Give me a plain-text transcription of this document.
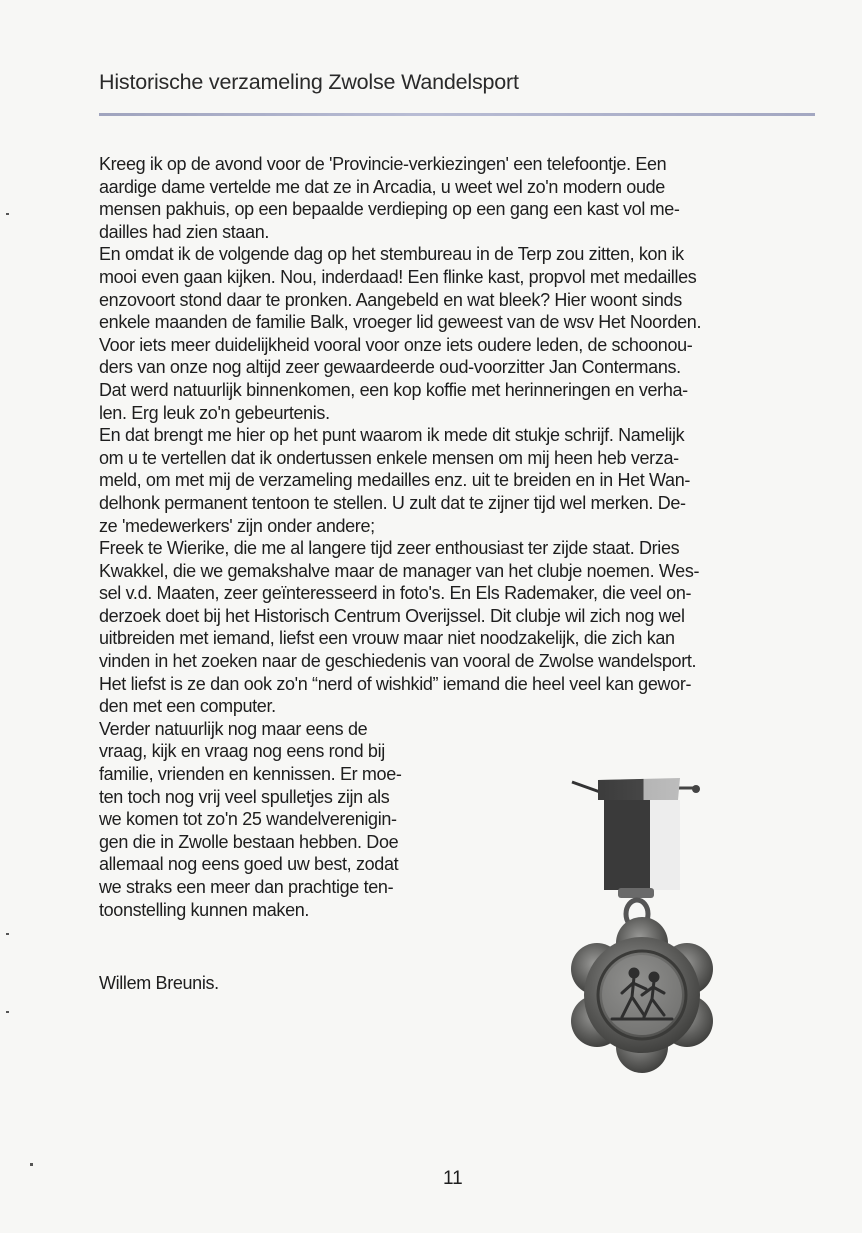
Historische verzameling Zwolse Wandelsport
Kreeg ik op de avond voor de 'Provincie-verkiezingen' een telefoontje. Een
aardige dame vertelde me dat ze in Arcadia, u weet wel zo'n modern oude
mensen pakhuis, op een bepaalde verdieping op een gang een kast vol me-
dailles had zien staan.
En omdat ik de volgende dag op het stembureau in de Terp zou zitten, kon ik
mooi even gaan kijken. Nou, inderdaad! Een flinke kast, propvol met medailles
enzovoort stond daar te pronken. Aangebeld en wat bleek? Hier woont sinds
enkele maanden de familie Balk, vroeger lid geweest van de wsv Het Noorden.
Voor iets meer duidelijkheid vooral voor onze iets oudere leden, de schoonou-
ders van onze nog altijd zeer gewaardeerde oud-voorzitter Jan Contermans.
Dat werd natuurlijk binnenkomen, een kop koffie met herinneringen en verha-
len. Erg leuk zo'n gebeurtenis.
En dat brengt me hier op het punt waarom ik mede dit stukje schrijf. Namelijk
om u te vertellen dat ik ondertussen enkele mensen om mij heen heb verza-
meld, om met mij de verzameling medailles enz. uit te breiden en in Het Wan-
delhonk permanent tentoon te stellen. U zult dat te zijner tijd wel merken. De-
ze 'medewerkers' zijn onder andere;
Freek te Wierike, die me al langere tijd zeer enthousiast ter zijde staat. Dries
Kwakkel, die we gemakshalve maar de manager van het clubje noemen. Wes-
sel v.d. Maaten, zeer geïnteresseerd in foto's. En Els Rademaker, die veel on-
derzoek doet bij het Historisch Centrum Overijssel. Dit clubje wil zich nog wel
uitbreiden met iemand, liefst een vrouw maar niet noodzakelijk, die zich kan
vinden in het zoeken naar de geschiedenis van vooral de Zwolse wandelsport.
Het liefst is ze dan ook zo'n “nerd of wishkid” iemand die heel veel kan gewor-
den met een computer.
Verder natuurlijk nog maar eens de
vraag, kijk en vraag nog eens rond bij
familie, vrienden en kennissen. Er moe-
ten toch nog vrij veel spulletjes zijn als
we komen tot zo'n 25 wandelverenigin-
gen die in Zwolle bestaan hebben. Doe
allemaal nog eens goed uw best, zodat
we straks een meer dan prachtige ten-
toonstelling kunnen maken.
Willem Breunis.
11
